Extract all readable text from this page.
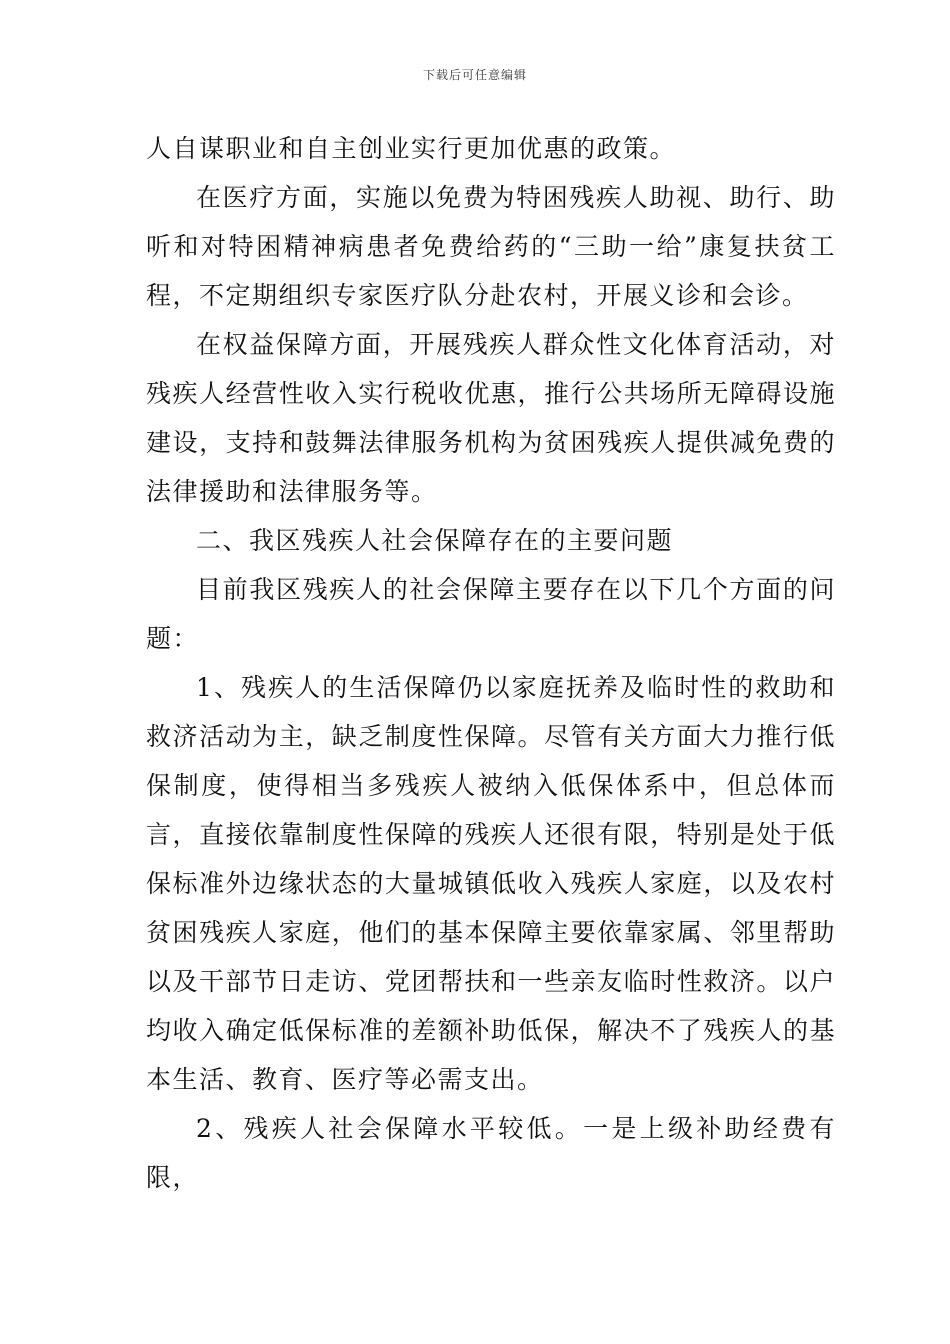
下载后可任意编辑

人自谋职业和自主创业实行更加优惠的政策。

在医疗方面，实施以免费为特困残疾人助视、助行、助听和对特困精神病患者免费给药的“三助一给”康复扶贫工程，不定期组织专家医疗队分赴农村，开展义诊和会诊。

在权益保障方面，开展残疾人群众性文化体育活动，对残疾人经营性收入实行税收优惠，推行公共场所无障碍设施建设，支持和鼓舞法律服务机构为贫困残疾人提供减免费的法律援助和法律服务等。

二、我区残疾人社会保障存在的主要问题

目前我区残疾人的社会保障主要存在以下几个方面的问题：

1、残疾人的生活保障仍以家庭抚养及临时性的救助和救济活动为主，缺乏制度性保障。尽管有关方面大力推行低保制度，使得相当多残疾人被纳入低保体系中，但总体而言，直接依靠制度性保障的残疾人还很有限，特别是处于低保标准外边缘状态的大量城镇低收入残疾人家庭，以及农村贫困残疾人家庭，他们的基本保障主要依靠家属、邻里帮助以及干部节日走访、党团帮扶和一些亲友临时性救济。以户均收入确定低保标准的差额补助低保，解决不了残疾人的基本生活、教育、医疗等必需支出。

2、残疾人社会保障水平较低。一是上级补助经费有限，
